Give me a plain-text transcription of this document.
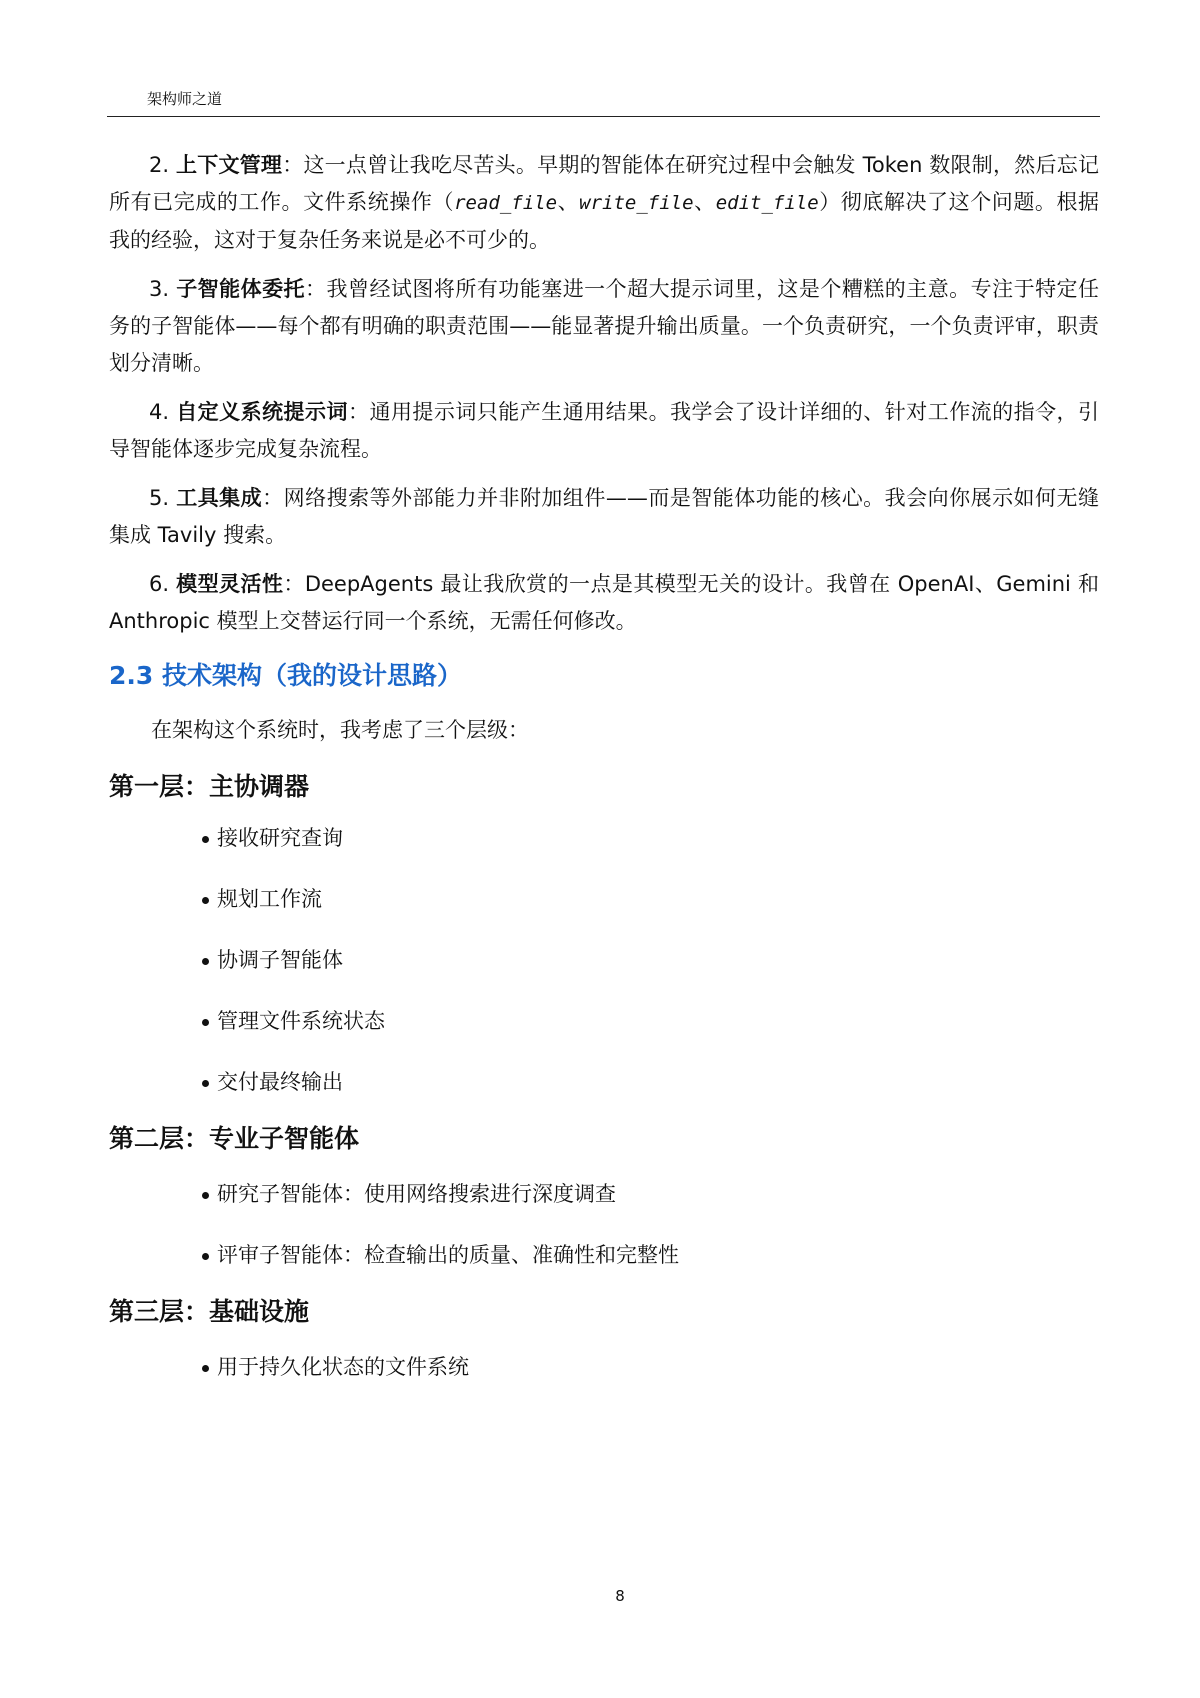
架构师之道

2. 上下文管理：这一点曾让我吃尽苦头。早期的智能体在研究过程中会触发 Token 数限制，然后忘记所有已完成的工作。文件系统操作（read_file、write_file、edit_file）彻底解决了这个问题。根据我的经验，这对于复杂任务来说是必不可少的。

3. 子智能体委托：我曾经试图将所有功能塞进一个超大提示词里，这是个糟糕的主意。专注于特定任务的子智能体——每个都有明确的职责范围——能显著提升输出质量。一个负责研究，一个负责评审，职责划分清晰。

4. 自定义系统提示词：通用提示词只能产生通用结果。我学会了设计详细的、针对工作流的指令，引导智能体逐步完成复杂流程。

5. 工具集成：网络搜索等外部能力并非附加组件——而是智能体功能的核心。我会向你展示如何无缝集成 Tavily 搜索。

6. 模型灵活性：DeepAgents 最让我欣赏的一点是其模型无关的设计。我曾在 OpenAI、Gemini 和 Anthropic 模型上交替运行同一个系统，无需任何修改。

2.3 技术架构（我的设计思路）
在架构这个系统时，我考虑了三个层级：
第一层：主协调器
接收研究查询
规划工作流
协调子智能体
管理文件系统状态
交付最终输出
第二层：专业子智能体
研究子智能体：使用网络搜索进行深度调查
评审子智能体：检查输出的质量、准确性和完整性
第三层：基础设施
用于持久化状态的文件系统
8
